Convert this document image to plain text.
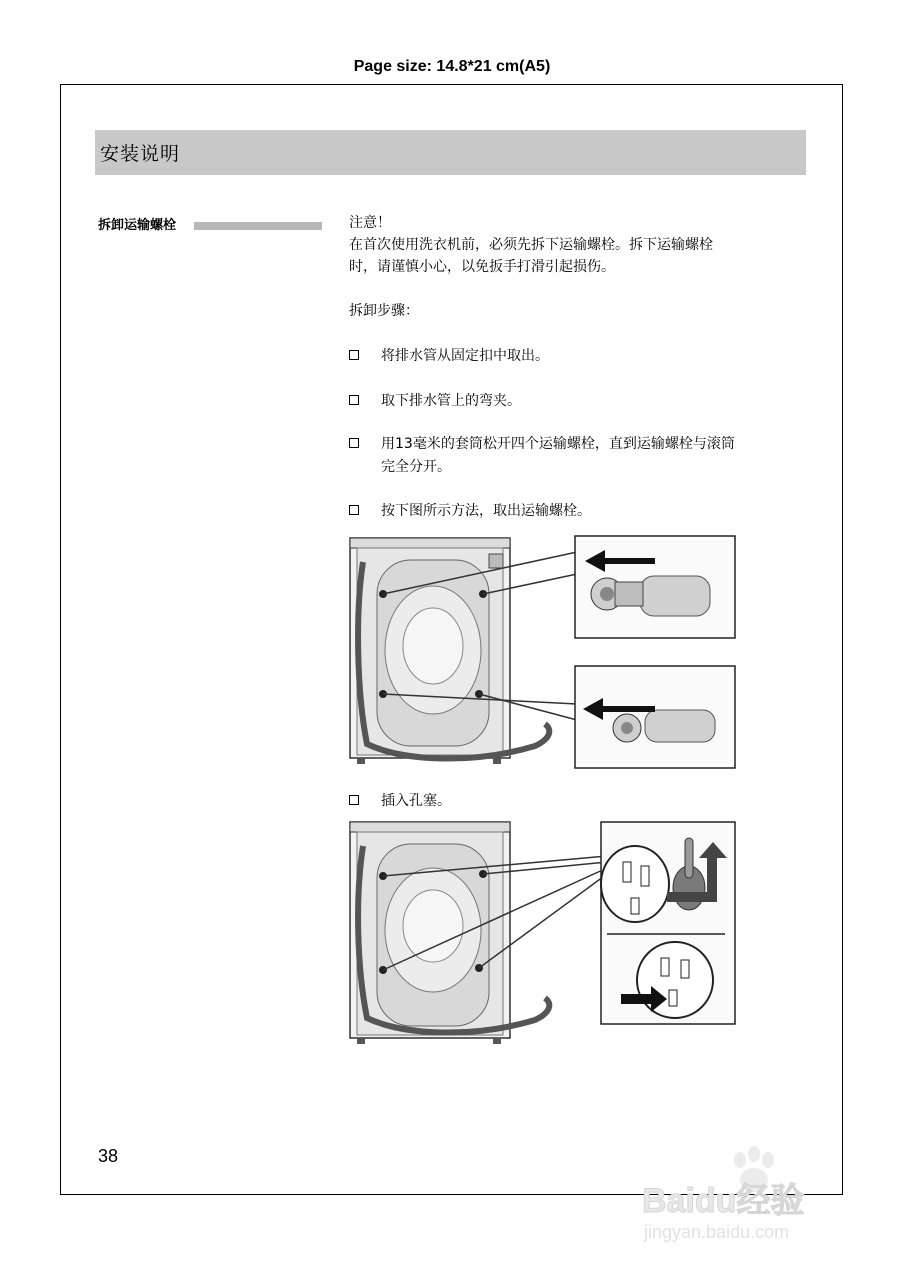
Page size: 14.8*21 cm(A5)
安装说明
拆卸运输螺栓	注意！
在首次使用洗衣机前，必须先拆下运输螺栓。拆下运输螺栓
时，请谨慎小心，以免扳手打滑引起损伤。
拆卸步骤：
将排水管从固定扣中取出。
取下排水管上的弯夹。
用13毫米的套筒松开四个运输螺栓，直到运输螺栓与滚筒
完全分开。
按下图所示方法，取出运输螺栓。
插入孔塞。
38
Baidu经验
jingyan.baidu.com
